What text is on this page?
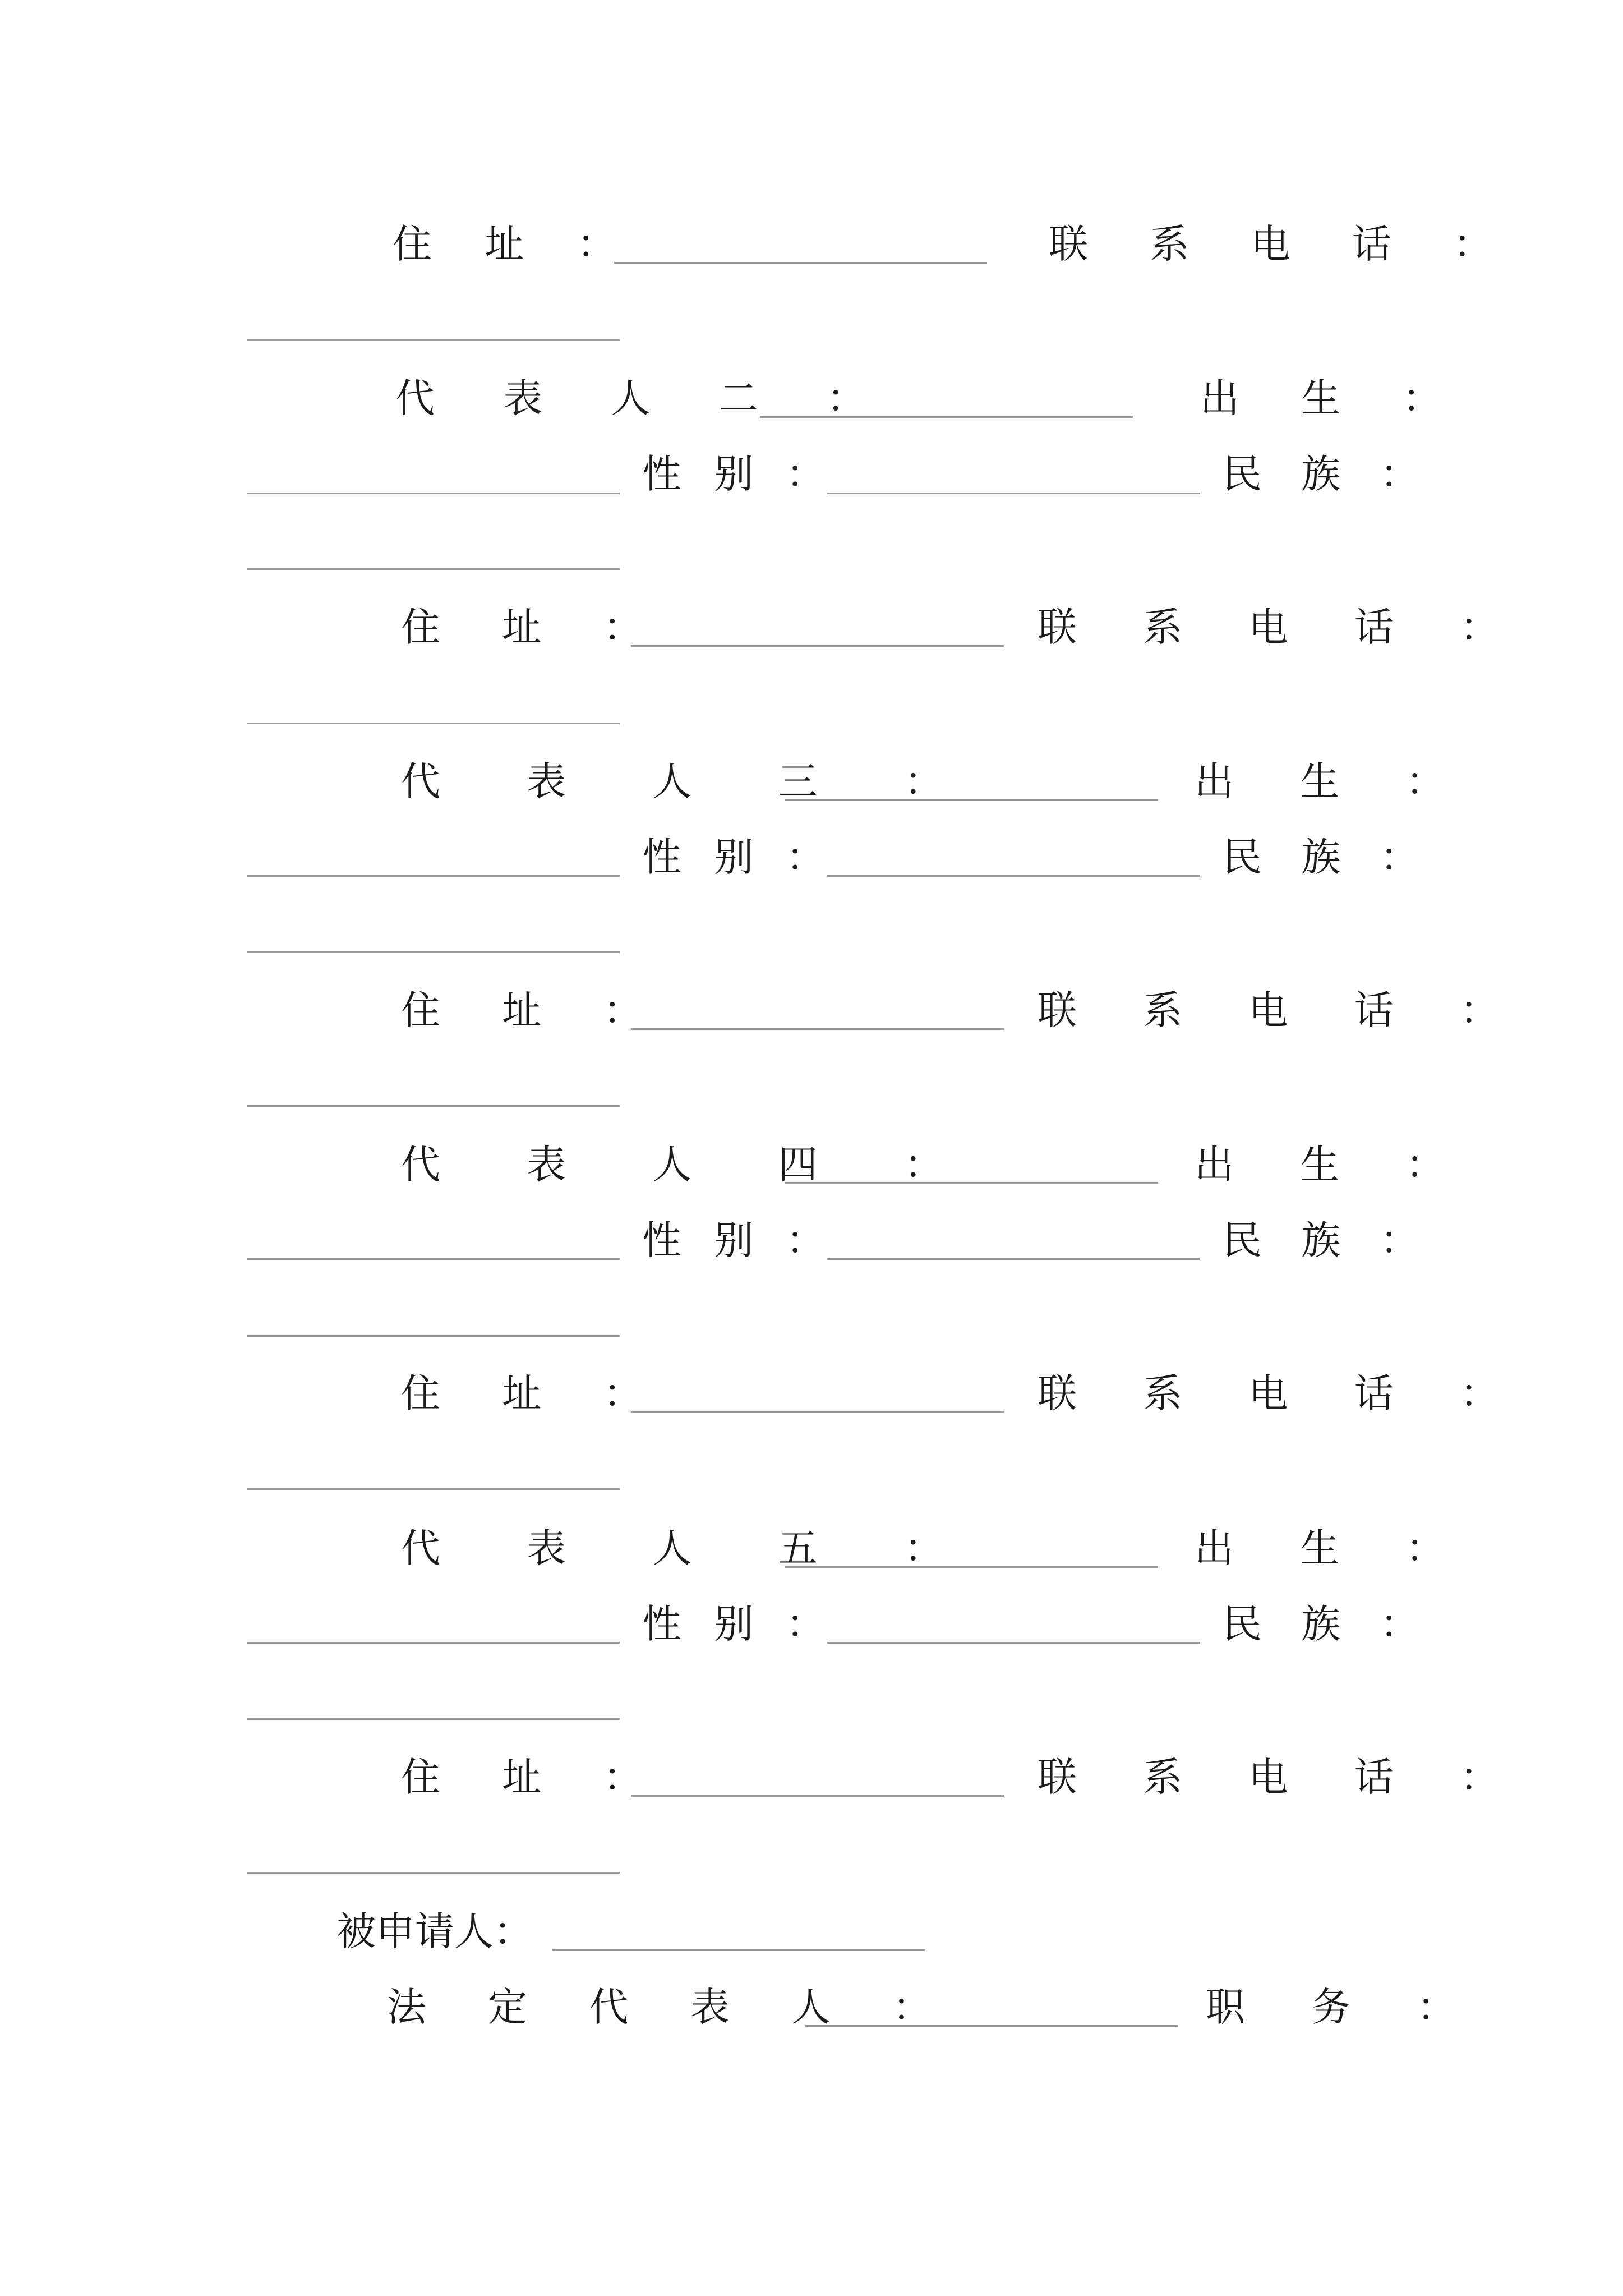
住 址 ：	联 系 电 话 ：
代 表 人 二 ：	出 生 ：
性 别 ：	民 族 ：
住 址 ：	联 系 电 话 ：
代 表 人 三 ：	出 生 ：
性 别 ：	民 族 ：
住 址 ：	联 系 电 话 ：
代 表 人 四 ：	出 生 ：
性 别 ：	民 族 ：
住 址 ：	联 系 电 话 ：
代 表 人 五 ：	出 生 ：
性 别 ：	民 族 ：
住 址 ：	联 系 电 话 ：
被申请人：
法 定 代 表 人 ：	职 务 ：
